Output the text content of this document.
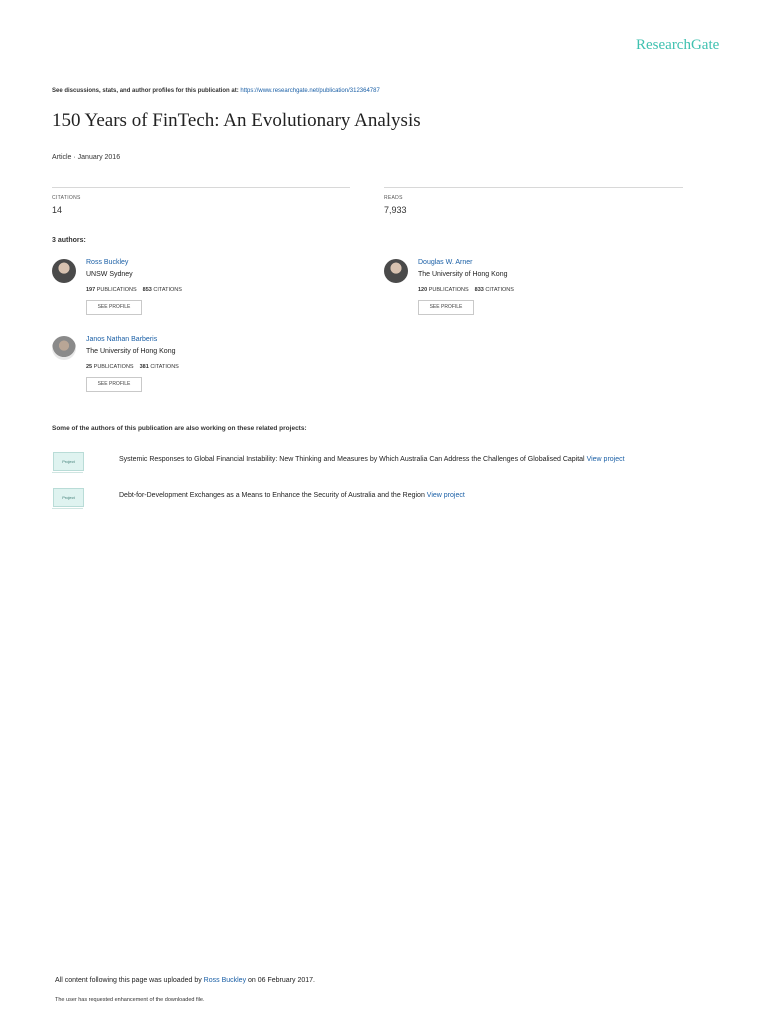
ResearchGate
See discussions, stats, and author profiles for this publication at: https://www.researchgate.net/publication/312364787
150 Years of FinTech: An Evolutionary Analysis
Article · January 2016
CITATIONS
14
READS
7,933
3 authors:
Ross Buckley
UNSW Sydney
197 PUBLICATIONS 853 CITATIONS
SEE PROFILE
Douglas W. Arner
The University of Hong Kong
120 PUBLICATIONS 833 CITATIONS
SEE PROFILE
Janos Nathan Barberis
The University of Hong Kong
25 PUBLICATIONS 381 CITATIONS
SEE PROFILE
Some of the authors of this publication are also working on these related projects:
Project	Systemic Responses to Global Financial Instability: New Thinking and Measures by Which Australia Can Address the Challenges of Globalised Capital View project
Project	Debt-for-Development Exchanges as a Means to Enhance the Security of Australia and the Region View project
All content following this page was uploaded by Ross Buckley on 06 February 2017.
The user has requested enhancement of the downloaded file.
